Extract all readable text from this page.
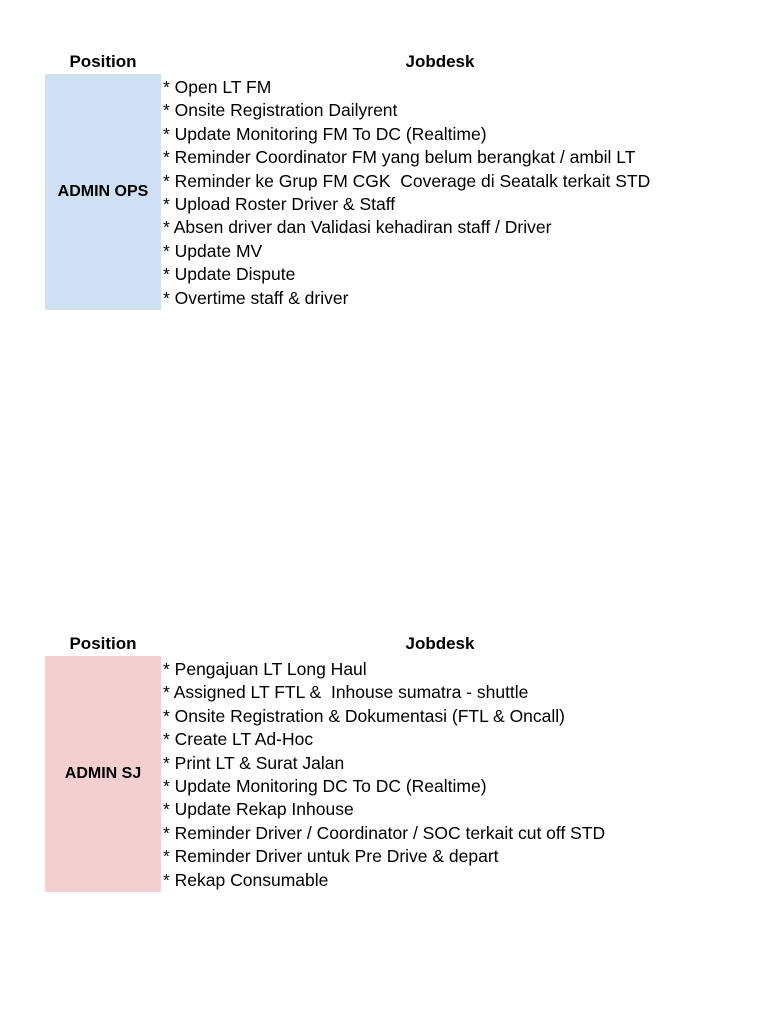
Position	Jobdesk
ADMIN OPS
* Open LT FM
* Onsite Registration Dailyrent
* Update Monitoring FM To DC (Realtime)
* Reminder Coordinator FM yang belum berangkat / ambil LT
* Reminder ke Grup FM CGK  Coverage di Seatalk terkait STD
* Upload Roster Driver & Staff
* Absen driver dan Validasi kehadiran staff / Driver
* Update MV
* Update Dispute
* Overtime staff & driver
Position	Jobdesk
ADMIN SJ
* Pengajuan LT Long Haul
* Assigned LT FTL &  Inhouse sumatra - shuttle
* Onsite Registration & Dokumentasi (FTL & Oncall)
* Create LT Ad-Hoc
* Print LT & Surat Jalan
* Update Monitoring DC To DC (Realtime)
* Update Rekap Inhouse
* Reminder Driver / Coordinator / SOC terkait cut off STD
* Reminder Driver untuk Pre Drive & depart
* Rekap Consumable
